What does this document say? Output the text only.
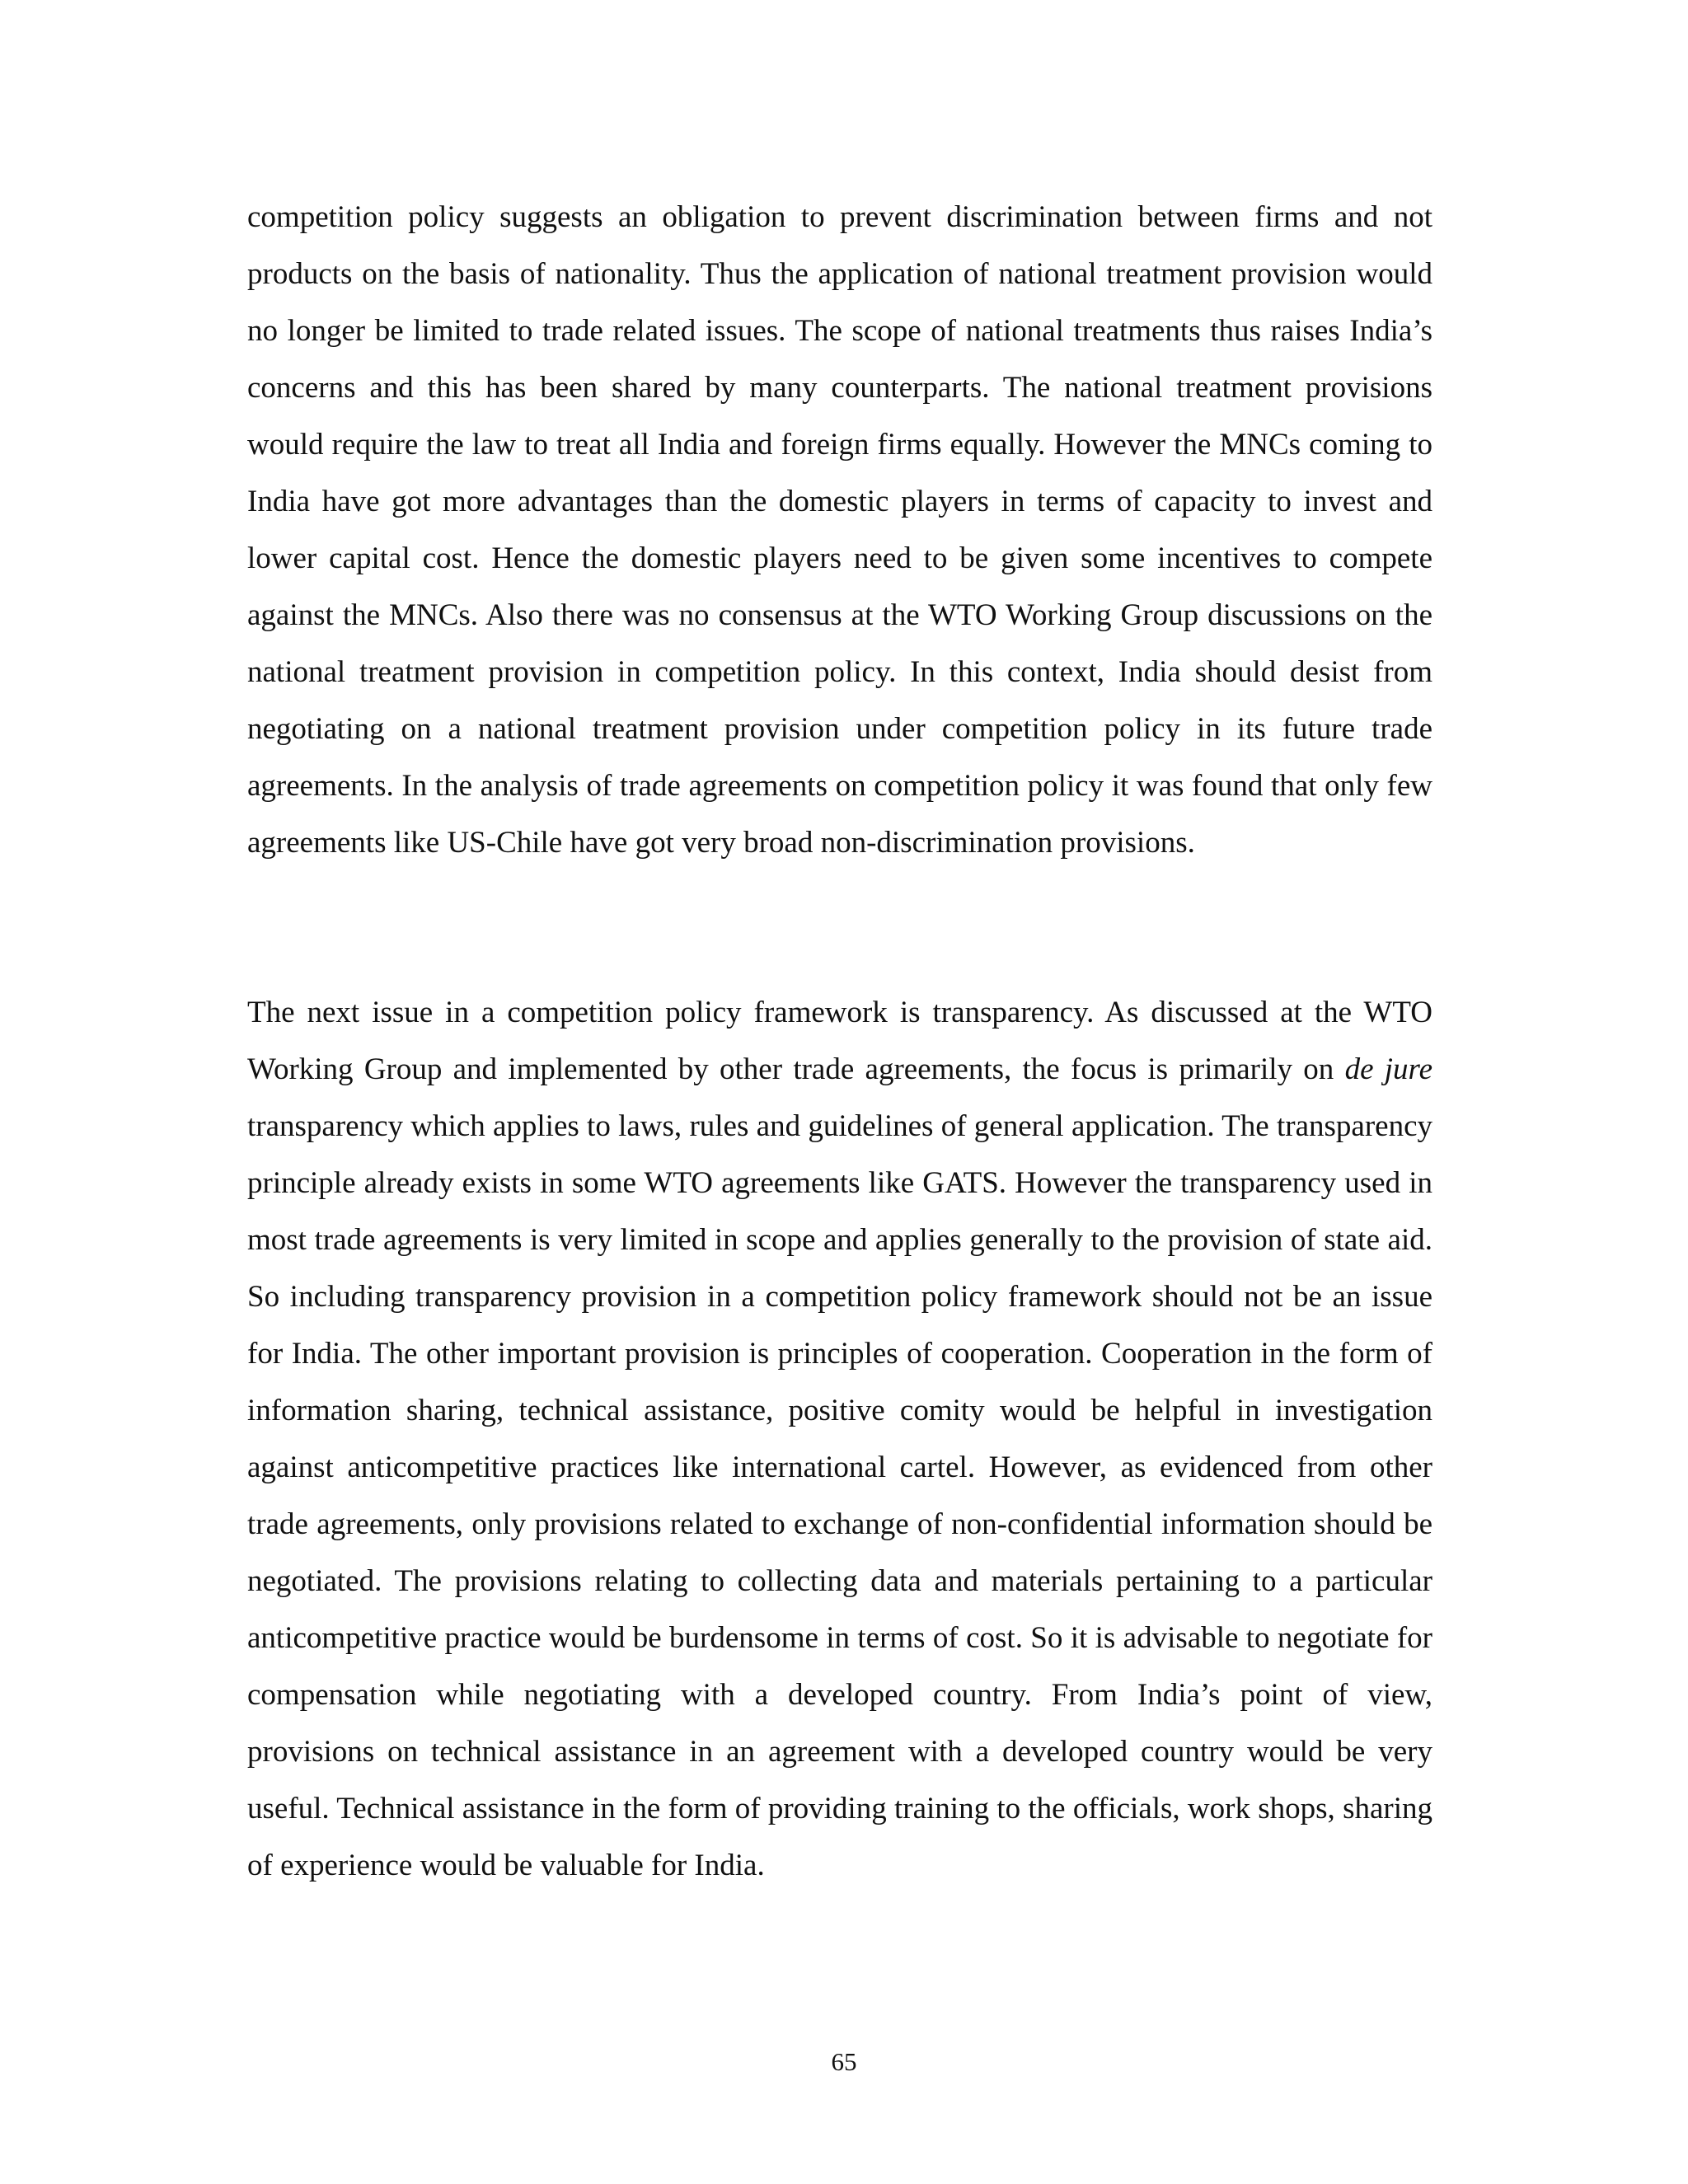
competition policy suggests an obligation to prevent discrimination between firms and not products on the basis of nationality. Thus the application of national treatment provision would no longer be limited to trade related issues. The scope of national treatments thus raises India’s concerns and this has been shared by many counterparts. The national treatment provisions would require the law to treat all India and foreign firms equally. However the MNCs coming to India have got more advantages than the domestic players in terms of capacity to invest and lower capital cost. Hence the domestic players need to be given some incentives to compete against the MNCs. Also there was no consensus at the WTO Working Group discussions on the national treatment provision in competition policy. In this context, India should desist from negotiating on a national treatment provision under competition policy in its future trade agreements. In the analysis of trade agreements on competition policy it was found that only few agreements like US-Chile have got very broad non-discrimination provisions.

The next issue in a competition policy framework is transparency. As discussed at the WTO Working Group and implemented by other trade agreements, the focus is primarily on de jure transparency which applies to laws, rules and guidelines of general application. The transparency principle already exists in some WTO agreements like GATS. However the transparency used in most trade agreements is very limited in scope and applies generally to the provision of state aid. So including transparency provision in a competition policy framework should not be an issue for India. The other important provision is principles of cooperation. Cooperation in the form of information sharing, technical assistance, positive comity would be helpful in investigation against anticompetitive practices like international cartel. However, as evidenced from other trade agreements, only provisions related to exchange of non-confidential information should be negotiated. The provisions relating to collecting data and materials pertaining to a particular anticompetitive practice would be burdensome in terms of cost. So it is advisable to negotiate for compensation while negotiating with a developed country. From India’s point of view, provisions on technical assistance in an agreement with a developed country would be very useful. Technical assistance in the form of providing training to the officials, work shops, sharing of experience would be valuable for India.

65
